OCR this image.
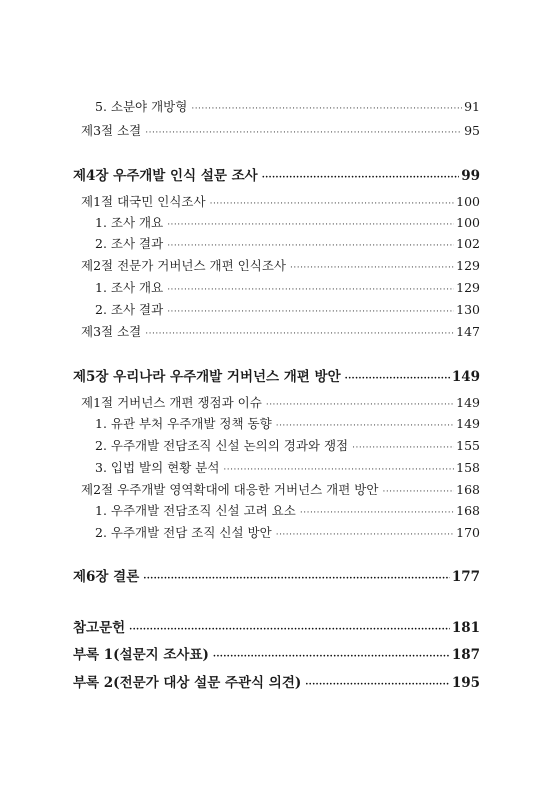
5. 소분야 개방형 ·····	91
제3절 소결 ·····	95
제4장 우주개발 인식 설문 조사 ·····	99
제1절 대국민 인식조사 ·····	100
1. 조사 개요 ·····	100
2. 조사 결과 ·····	102
제2절 전문가 거버넌스 개편 인식조사 ·····	129
1. 조사 개요 ·····	129
2. 조사 결과 ·····	130
제3절 소결 ·····	147
제5장 우리나라 우주개발 거버넌스 개편 방안 ·····	149
제1절 거버넌스 개편 쟁점과 이슈 ·····	149
1. 유관 부처 우주개발 정책 동향 ·····	149
2. 우주개발 전담조직 신설 논의의 경과와 쟁점 ·····	155
3. 입법 발의 현황 분석 ·····	158
제2절 우주개발 영역확대에 대응한 거버넌스 개편 방안 ·····	168
1. 우주개발 전담조직 신설 고려 요소 ·····	168
2. 우주개발 전담 조직 신설 방안 ·····	170
제6장 결론 ·····	177
참고문헌 ·····	181
부록 1(설문지 조사표) ·····	187
부록 2(전문가 대상 설문 주관식 의견) ·····	195
